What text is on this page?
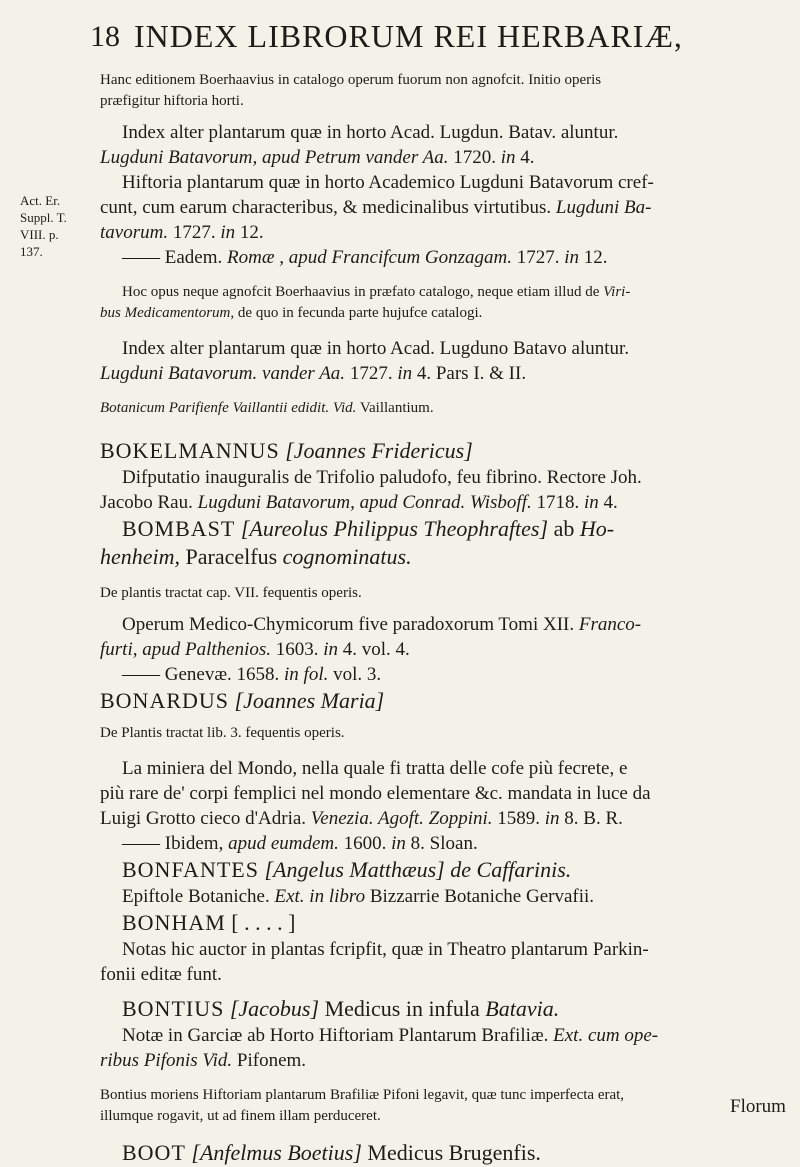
18 INDEX LIBRORUM REI HERBARIÆ,
Act. Er.
Suppl. T.
VIII. p.
137.
Hanc editionem Boerhaavius in catalogo operum fuorum non agnofcit. Initio operis
præfigitur hiftoria horti.
Index alter plantarum quæ in horto Acad. Lugdun. Batav. aluntur.
Lugduni Batavorum, apud Petrum vander Aa. 1720. in 4.
Hiftoria plantarum quæ in horto Academico Lugduni Batavorum cref-
cunt, cum earum characteribus, & medicinalibus virtutibus. Lugduni Ba-
tavorum. 1727. in 12.
—— Eadem. Romæ , apud Francifcum Gonzagam. 1727. in 12.
Hoc opus neque agnofcit Boerhaavius in præfato catalogo, neque etiam illud de Viri-
bus Medicamentorum, de quo in fecunda parte hujufce catalogi.
Index alter plantarum quæ in horto Acad. Lugduno Batavo aluntur.
Lugduni Batavorum. vander Aa. 1727. in 4. Pars I. & II.
Botanicum Parifienfe Vaillantii edidit. Vid. Vaillantium.
BOKELMANNUS [Joannes Fridericus]
Difputatio inauguralis de Trifolio paludofo, feu fibrino. Rectore Joh.
Jacobo Rau. Lugduni Batavorum, apud Conrad. Wisboff. 1718. in 4.
BOMBAST [Aureolus Philippus Theophraftes] ab Ho-
henheim, Paracelfus cognominatus.
De plantis tractat cap. VII. fequentis operis.
Operum Medico-Chymicorum five paradoxorum Tomi XII. Franco-
furti, apud Palthenios. 1603. in 4. vol. 4.
—— Genevæ. 1658. in fol. vol. 3.
BONARDUS [Joannes Maria]
De Plantis tractat lib. 3. fequentis operis.
La miniera del Mondo, nella quale fi tratta delle cofe più fecrete, e
più rare de' corpi femplici nel mondo elementare &c. mandata in luce da
Luigi Grotto cieco d'Adria. Venezia. Agoft. Zoppini. 1589. in 8. B. R.
—— Ibidem, apud eumdem. 1600. in 8. Sloan.
BONFANTES [Angelus Matthæus] de Caffarinis.
Epiftole Botaniche. Ext. in libro Bizzarrie Botaniche Gervafii.
BONHAM [ . . . . ]
Notas hic auctor in plantas fcripfit, quæ in Theatro plantarum Parkin-
fonii editæ funt.
BONTIUS [Jacobus] Medicus in infula Batavia.
Notæ in Garciæ ab Horto Hiftoriam Plantarum Brafiliæ. Ext. cum ope-
ribus Pifonis Vid. Pifonem.
Bontius moriens Hiftoriam plantarum Brafiliæ Pifoni legavit, quæ tunc imperfecta erat,
illumque rogavit, ut ad finem illam perduceret.
BOOT [Anfelmus Boetius] Medicus Brugenfis.
Florum
